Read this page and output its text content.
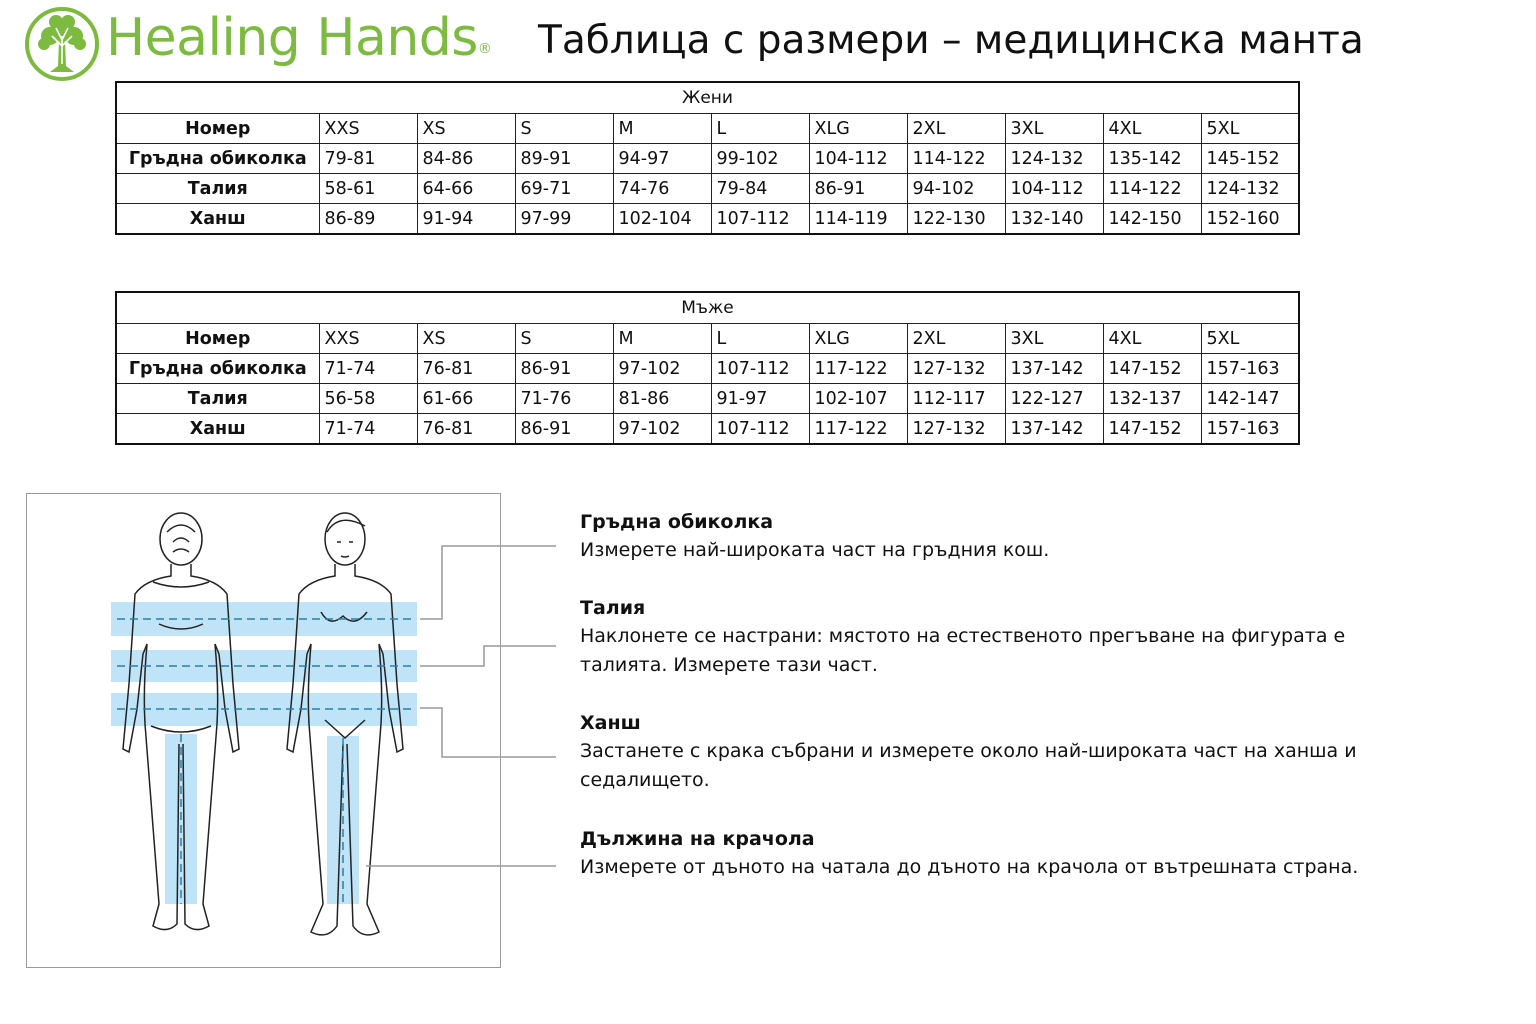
Healing Hands® Таблица с размери – медицинска манта
Жени										
Номер	XXS	XS	S	M	L	XLG	2XL	3XL	4XL	5XL
Гръдна обиколка	79-81	84-86	89-91	94-97	99-102	104-112	114-122	124-132	135-142	145-152
Талия	58-61	64-66	69-71	74-76	79-84	86-91	94-102	104-112	114-122	124-132
Ханш	86-89	91-94	97-99	102-104	107-112	114-119	122-130	132-140	142-150	152-160
Мъже										
Номер	XXS	XS	S	M	L	XLG	2XL	3XL	4XL	5XL
Гръдна обиколка	71-74	76-81	86-91	97-102	107-112	117-122	127-132	137-142	147-152	157-163
Талия	56-58	61-66	71-76	81-86	91-97	102-107	112-117	122-127	132-137	142-147
Ханш	71-74	76-81	86-91	97-102	107-112	117-122	127-132	137-142	147-152	157-163
Гръдна обиколка

Измерете най-широката част на гръдния кош.

Талия

Наклонете се настрани: мястото на естественото прегъване на фигурата е талията. Измерете тази част.

Ханш

Застанете с крака събрани и измерете около най-широката част на ханша и седалището.

Дължина на крачола

Измерете от дъното на чатала до дъното на крачола от вътрешната страна.
